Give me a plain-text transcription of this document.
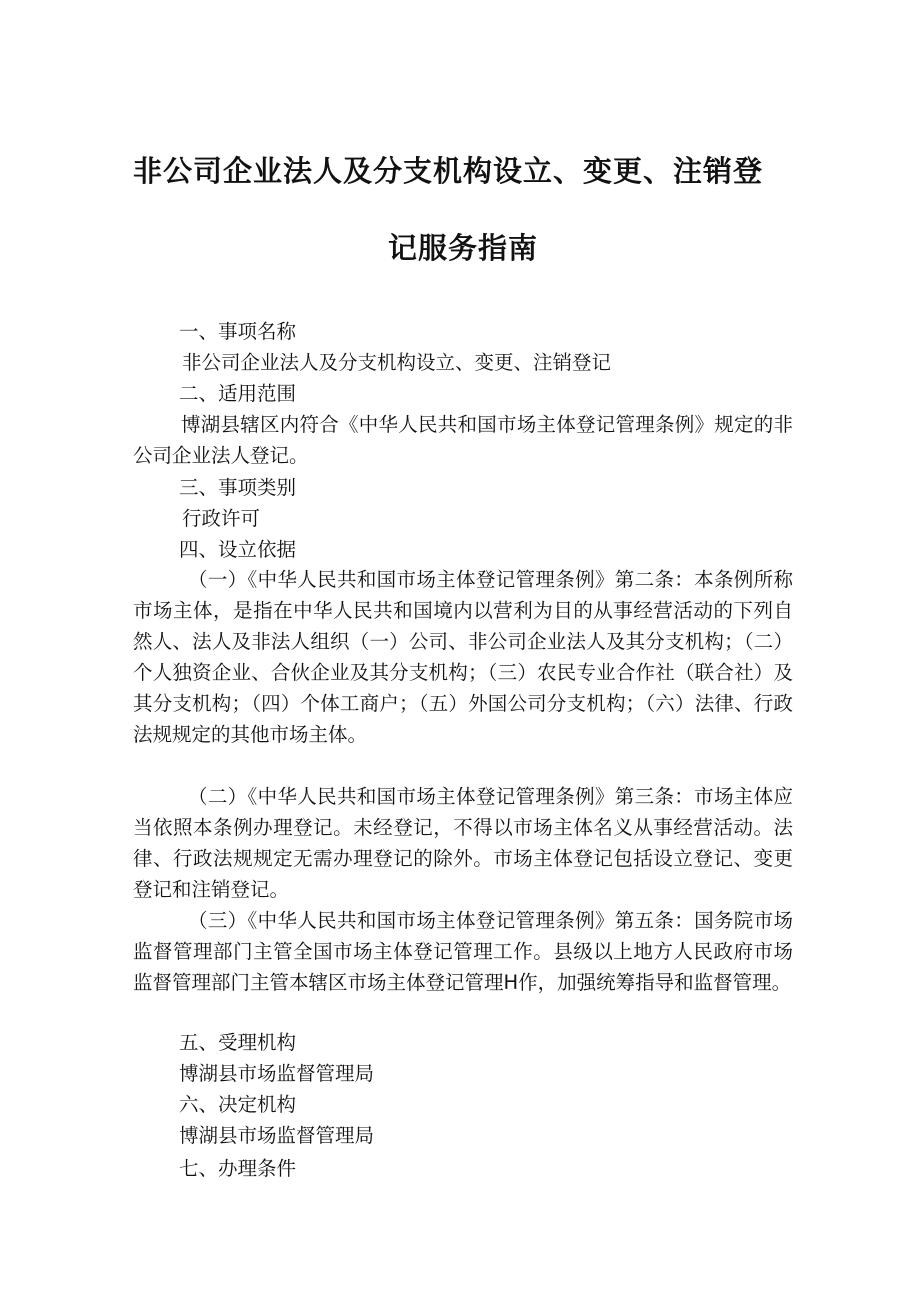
非公司企业法人及分支机构设立、变更、注销登
记服务指南
一、事项名称
非公司企业法人及分支机构设立、变更、注销登记
二、适用范围
博湖县辖区内符合《中华人民共和国市场主体登记管理条例》规定的非公司企业法人登记。
三、事项类别
行政许可
四、设立依据
（一）《中华人民共和国市场主体登记管理条例》第二条：本条例所称市场主体，是指在中华人民共和国境内以营利为目的从事经营活动的下列自然人、法人及非法人组织（一）公司、非公司企业法人及其分支机构；（二）个人独资企业、合伙企业及其分支机构；（三）农民专业合作社（联合社）及其分支机构；（四）个体工商户；（五）外国公司分支机构；（六）法律、行政法规规定的其他市场主体。
（二）《中华人民共和国市场主体登记管理条例》第三条：市场主体应当依照本条例办理登记。未经登记，不得以市场主体名义从事经营活动。法律、行政法规规定无需办理登记的除外。市场主体登记包括设立登记、变更登记和注销登记。
（三）《中华人民共和国市场主体登记管理条例》第五条：国务院市场监督管理部门主管全国市场主体登记管理工作。县级以上地方人民政府市场监督管理部门主管本辖区市场主体登记管理Η作，加强统筹指导和监督管理。
五、受理机构
博湖县市场监督管理局
六、决定机构
博湖县市场监督管理局
七、办理条件
